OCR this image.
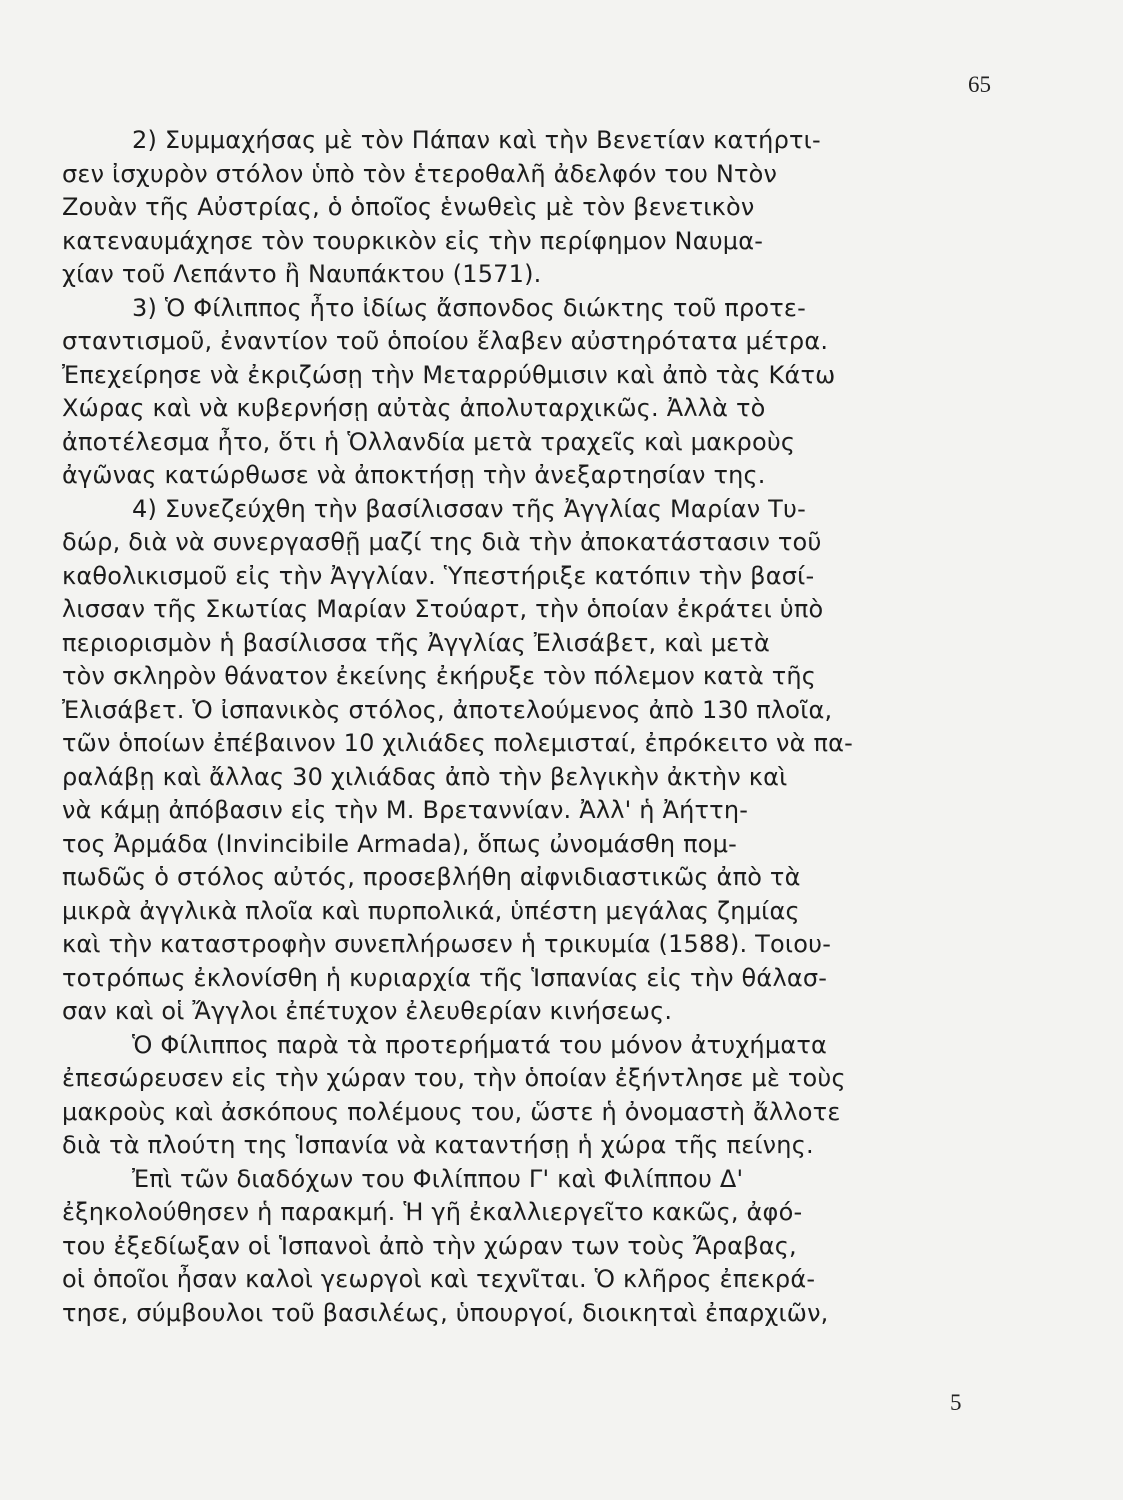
65
2) Συμμαχήσας μὲ τὸν Πάπαν καὶ τὴν Βενετίαν κατήρτι-
σεν ἰσχυρὸν στόλον ὑπὸ τὸν ἑτεροθαλῆ ἀδελφόν του Ντὸν
Ζουὰν τῆς Αὐστρίας, ὁ ὁποῖος ἑνωθεὶς μὲ τὸν βενετικὸν
κατεναυμάχησε τὸν τουρκικὸν εἰς τὴν περίφημον Ναυμα-
χίαν τοῦ Λεπάντο ἢ Ναυπάκτου (1571).
3) Ὁ Φίλιππος ἦτο ἰδίως ἄσπονδος διώκτης τοῦ προτε-
σταντισμοῦ, ἐναντίον τοῦ ὁποίου ἔλαβεν αὐστηρότατα μέτρα.
Ἐπεχείρησε νὰ ἐκριζώσῃ τὴν Μεταρρύθμισιν καὶ ἀπὸ τὰς Κάτω
Χώρας καὶ νὰ κυβερνήσῃ αὐτὰς ἀπολυταρχικῶς. Ἀλλὰ τὸ
ἀποτέλεσμα ἦτο, ὅτι ἡ Ὁλλανδία μετὰ τραχεῖς καὶ μακροὺς
ἀγῶνας κατώρθωσε νὰ ἀποκτήσῃ τὴν ἀνεξαρτησίαν της.
4) Συνεζεύχθη τὴν βασίλισσαν τῆς Ἀγγλίας Μαρίαν Τυ-
δώρ, διὰ νὰ συνεργασθῇ μαζί της διὰ τὴν ἀποκατάστασιν τοῦ
καθολικισμοῦ εἰς τὴν Ἀγγλίαν. Ὑπεστήριξε κατόπιν τὴν βασί-
λισσαν τῆς Σκωτίας Μαρίαν Στούαρτ, τὴν ὁποίαν ἐκράτει ὑπὸ
περιορισμὸν ἡ βασίλισσα τῆς Ἀγγλίας Ἐλισάβετ, καὶ μετὰ
τὸν σκληρὸν θάνατον ἐκείνης ἐκήρυξε τὸν πόλεμον κατὰ τῆς
Ἐλισάβετ. Ὁ ἰσπανικὸς στόλος, ἀποτελούμενος ἀπὸ 130 πλοῖα,
τῶν ὁποίων ἐπέβαινον 10 χιλιάδες πολεμισταί, ἐπρόκειτο νὰ πα-
ραλάβῃ καὶ ἄλλας 30 χιλιάδας ἀπὸ τὴν βελγικὴν ἀκτὴν καὶ
νὰ κάμῃ ἀπόβασιν εἰς τὴν Μ. Βρεταννίαν. Ἀλλ' ἡ Ἀήττη-
τος Ἀρμάδα (Invincibile Armada), ὅπως ὠνομάσθη πομ-
πωδῶς ὁ στόλος αὐτός, προσεβλήθη αἰφνιδιαστικῶς ἀπὸ τὰ
μικρὰ ἀγγλικὰ πλοῖα καὶ πυρπολικά, ὑπέστη μεγάλας ζημίας
καὶ τὴν καταστροφὴν συνεπλήρωσεν ἡ τρικυμία (1588). Τοιου-
τοτρόπως ἐκλονίσθη ἡ κυριαρχία τῆς Ἱσπανίας εἰς τὴν θάλασ-
σαν καὶ οἱ Ἄγγλοι ἐπέτυχον ἐλευθερίαν κινήσεως.
Ὁ Φίλιππος παρὰ τὰ προτερήματά του μόνον ἀτυχήματα
ἐπεσώρευσεν εἰς τὴν χώραν του, τὴν ὁποίαν ἐξήντλησε μὲ τοὺς
μακροὺς καὶ ἀσκόπους πολέμους του, ὥστε ἡ ὀνομαστὴ ἄλλοτε
διὰ τὰ πλούτη της Ἱσπανία νὰ καταντήσῃ ἡ χώρα τῆς πείνης.
Ἐπὶ τῶν διαδόχων του Φιλίππου Γ' καὶ Φιλίππου Δ'
ἐξηκολούθησεν ἡ παρακμή. Ἡ γῆ ἐκαλλιεργεῖτο κακῶς, ἀφό-
του ἐξεδίωξαν οἱ Ἱσπανοὶ ἀπὸ τὴν χώραν των τοὺς Ἄραβας,
οἱ ὁποῖοι ἦσαν καλοὶ γεωργοὶ καὶ τεχνῖται. Ὁ κλῆρος ἐπεκρά-
τησε, σύμβουλοι τοῦ βασιλέως, ὑπουργοί, διοικηταὶ ἐπαρχιῶν,
5
